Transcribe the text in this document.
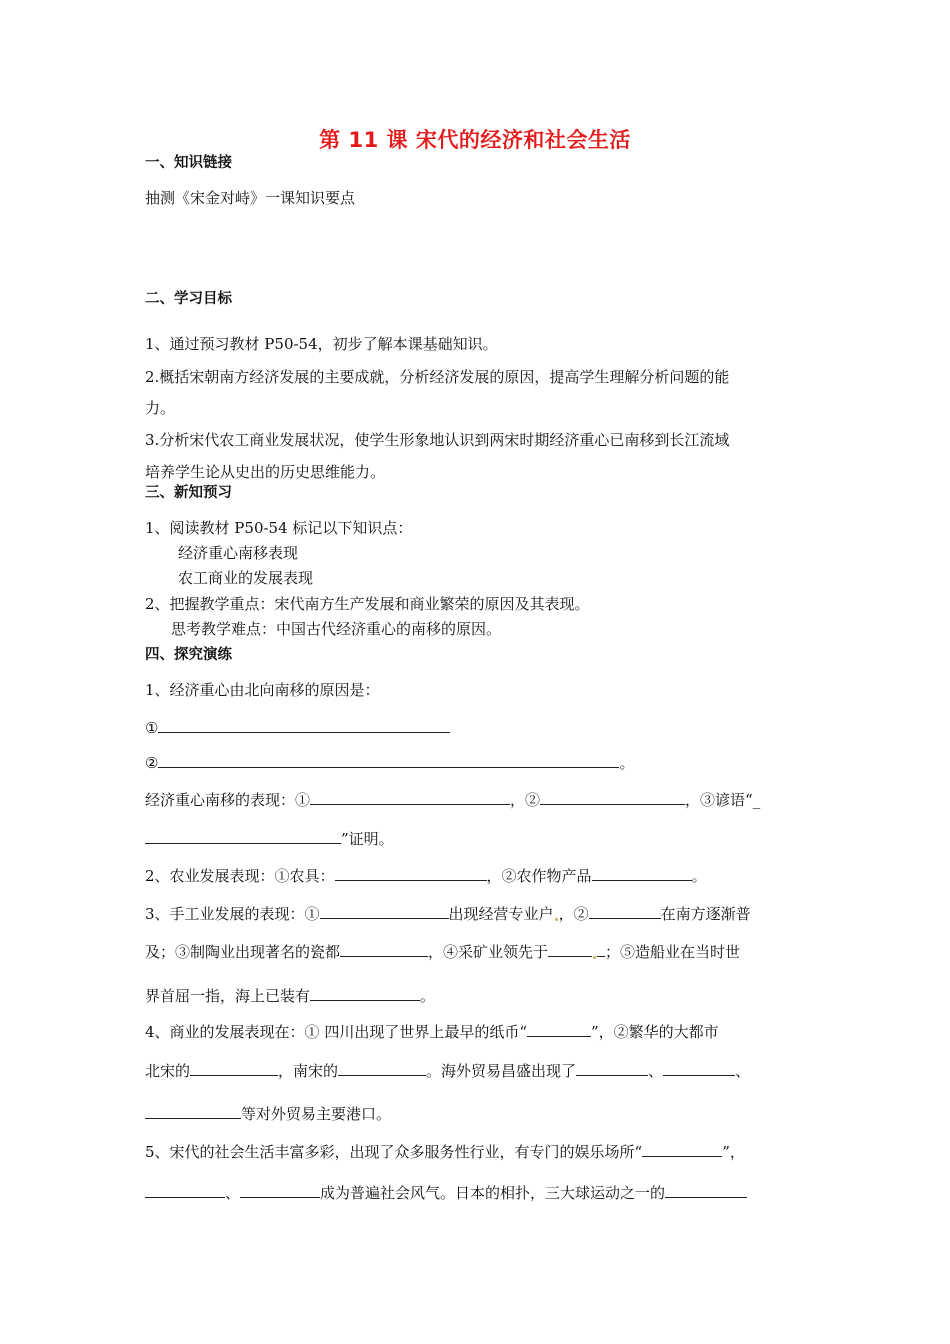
第 11 课 宋代的经济和社会生活
一、知识链接
抽测《宋金对峙》一课知识要点
二、学习目标
1、通过预习教材 P50-54，初步了解本课基础知识。
2.概括宋朝南方经济发展的主要成就，分析经济发展的原因，提高学生理解分析问题的能
力。
3.分析宋代农工商业发展状况，使学生形象地认识到两宋时期经济重心已南移到长江流域
培养学生论从史出的历史思维能力。
三、新知预习
1、阅读教材 P50-54 标记以下知识点：
经济重心南移表现
农工商业的发展表现
2、把握教学重点：宋代南方生产发展和商业繁荣的原因及其表现。
思考教学难点：中国古代经济重心的南移的原因。
四、探究演练
1、经济重心由北向南移的原因是：
①
②	。
经济重心南移的表现：①	，②	，③谚语“_
”证明。
2、农业发展表现：①农具：	，②农作物产品	。
3、手工业发展的表现：①	出现经营专业户 ，②	在南方逐渐普
及；③制陶业出现著名的瓷都	，④采矿业领先于	；⑤造船业在当时世
界首屈一指，海上已装有	。
4、商业的发展表现在：① 四川出现了世界上最早的纸币“	”，②繁华的大都市
北宋的	，南宋的	。海外贸易昌盛出现了	、	、
等对外贸易主要港口。
5、宋代的社会生活丰富多彩，出现了众多服务性行业，有专门的娱乐场所“	”，
、	成为普遍社会风气。日本的相扑，三大球运动之一的
